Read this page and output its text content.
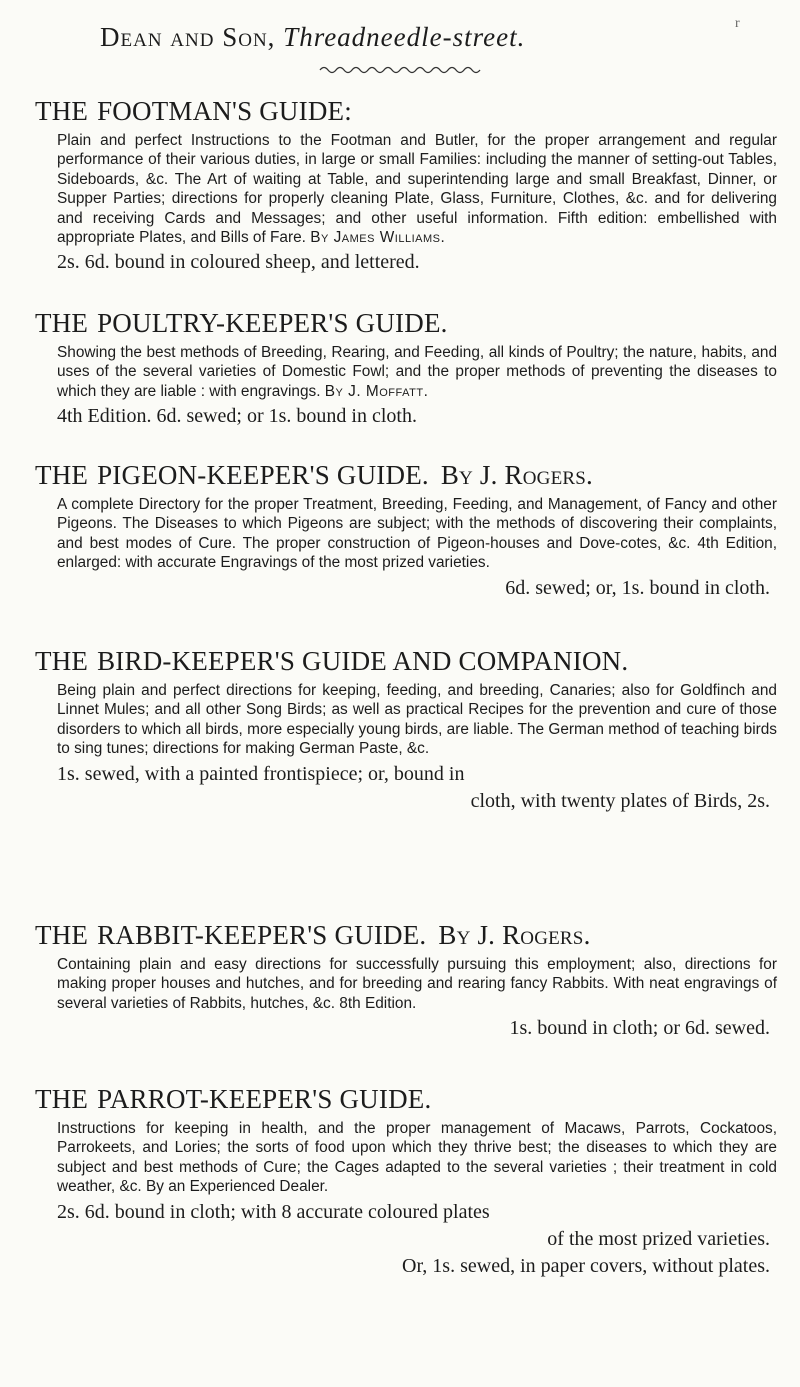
Dean and Son, Threadneedle-street.	r
THE FOOTMAN'S GUIDE:
Plain and perfect Instructions to the Footman and Butler, for the proper arrangement and regular performance of their various duties, in large or small Families: including the manner of setting-out Tables, Sideboards, &c. The Art of waiting at Table, and superintending large and small Breakfast, Dinner, or Supper Parties; directions for properly cleaning Plate, Glass, Furniture, Clothes, &c. and for delivering and receiving Cards and Messages; and other useful information. Fifth edition: embellished with appropriate Plates, and Bills of Fare. By James Williams.
2s. 6d. bound in coloured sheep, and lettered.
THE POULTRY-KEEPER'S GUIDE.
Showing the best methods of Breeding, Rearing, and Feeding, all kinds of Poultry; the nature, habits, and uses of the several varieties of Domestic Fowl; and the proper methods of preventing the diseases to which they are liable : with engravings. By J. Moffatt.
4th Edition. 6d. sewed; or 1s. bound in cloth.
THE PIGEON-KEEPER'S GUIDE. By J. Rogers.
A complete Directory for the proper Treatment, Breeding, Feeding, and Management, of Fancy and other Pigeons. The Diseases to which Pigeons are subject; with the methods of discovering their complaints, and best modes of Cure. The proper construction of Pigeon-houses and Dove-cotes, &c. 4th Edition, enlarged: with accurate Engravings of the most prized varieties.
6d. sewed; or, 1s. bound in cloth.
THE BIRD-KEEPER'S GUIDE AND COMPANION.
Being plain and perfect directions for keeping, feeding, and breeding, Canaries; also for Goldfinch and Linnet Mules; and all other Song Birds; as well as practical Recipes for the prevention and cure of those disorders to which all birds, more especially young birds, are liable. The German method of teaching birds to sing tunes; directions for making German Paste, &c.
1s. sewed, with a painted frontispiece; or, bound in
cloth, with twenty plates of Birds, 2s.
THE RABBIT-KEEPER'S GUIDE. By J. Rogers.
Containing plain and easy directions for successfully pursuing this employment; also, directions for making proper houses and hutches, and for breeding and rearing fancy Rabbits. With neat engravings of several varieties of Rabbits, hutches, &c. 8th Edition.
1s. bound in cloth; or 6d. sewed.
THE PARROT-KEEPER'S GUIDE.
Instructions for keeping in health, and the proper management of Macaws, Parrots, Cockatoos, Parrokeets, and Lories; the sorts of food upon which they thrive best; the diseases to which they are subject and best methods of Cure; the Cages adapted to the several varieties ; their treatment in cold weather, &c. By an Experienced Dealer.
2s. 6d. bound in cloth; with 8 accurate coloured plates
of the most prized varieties.
Or, 1s. sewed, in paper covers, without plates.
